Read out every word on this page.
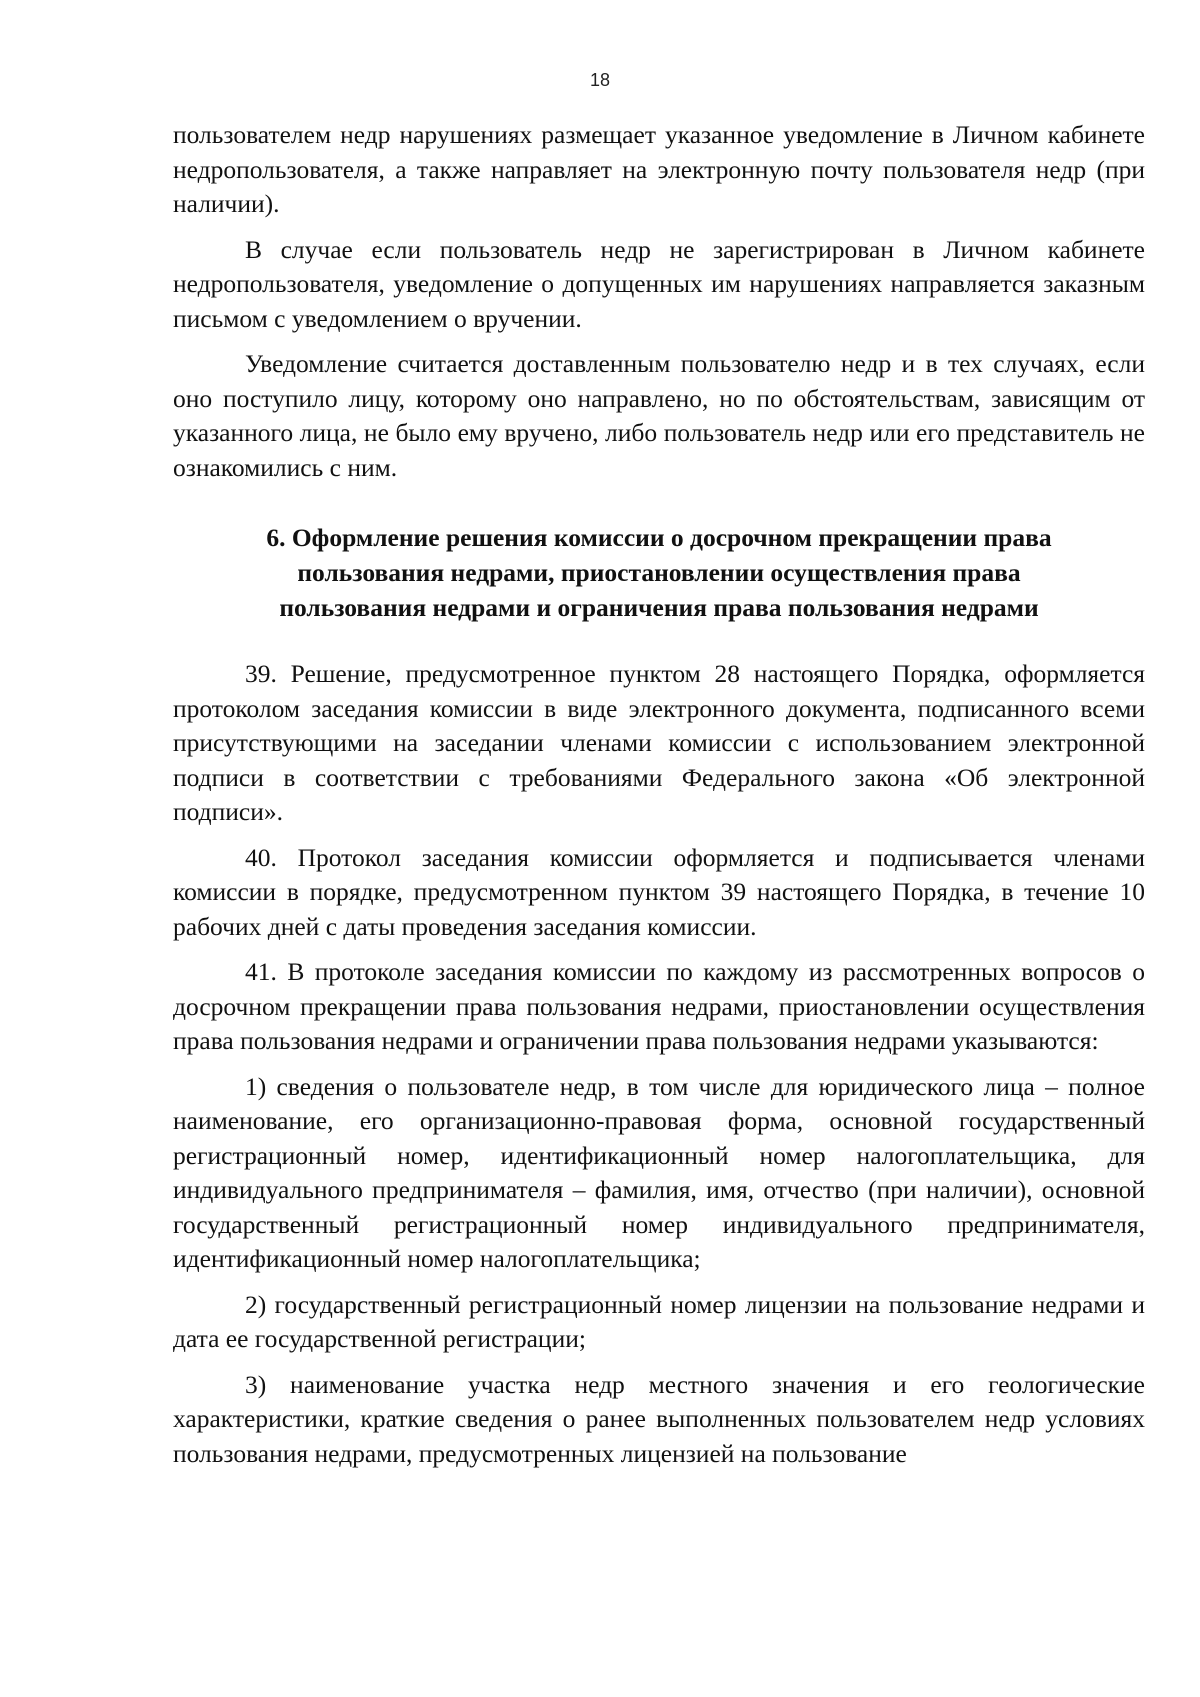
18

пользователем недр нарушениях размещает указанное уведомление в Личном кабинете недропользователя, а также направляет на электронную почту пользователя недр (при наличии).

В случае если пользователь недр не зарегистрирован в Личном кабинете недропользователя, уведомление о допущенных им нарушениях направляется заказным письмом с уведомлением о вручении.

Уведомление считается доставленным пользователю недр и в тех случаях, если оно поступило лицу, которому оно направлено, но по обстоятельствам, зависящим от указанного лица, не было ему вручено, либо пользователь недр или его представитель не ознакомились с ним.

6. Оформление решения комиссии о досрочном прекращении права
пользования недрами, приостановлении осуществления права
пользования недрами и ограничения права пользования недрами

39. Решение, предусмотренное пунктом 28 настоящего Порядка, оформляется протоколом заседания комиссии в виде электронного документа, подписанного всеми присутствующими на заседании членами комиссии с использованием электронной подписи в соответствии с требованиями Федерального закона «Об электронной подписи».

40. Протокол заседания комиссии оформляется и подписывается членами комиссии в порядке, предусмотренном пунктом 39 настоящего Порядка, в течение 10 рабочих дней с даты проведения заседания комиссии.

41. В протоколе заседания комиссии по каждому из рассмотренных вопросов о досрочном прекращении права пользования недрами, приостановлении осуществления права пользования недрами и ограничении права пользования недрами указываются:

1) сведения о пользователе недр, в том числе для юридического лица – полное наименование, его организационно-правовая форма, основной государственный регистрационный номер, идентификационный номер налогоплательщика, для индивидуального предпринимателя – фамилия, имя, отчество (при наличии), основной государственный регистрационный номер индивидуального предпринимателя, идентификационный номер налогоплательщика;

2) государственный регистрационный номер лицензии на пользование недрами и дата ее государственной регистрации;

3) наименование участка недр местного значения и его геологические характеристики, краткие сведения о ранее выполненных пользователем недр условиях пользования недрами, предусмотренных лицензией на пользование
